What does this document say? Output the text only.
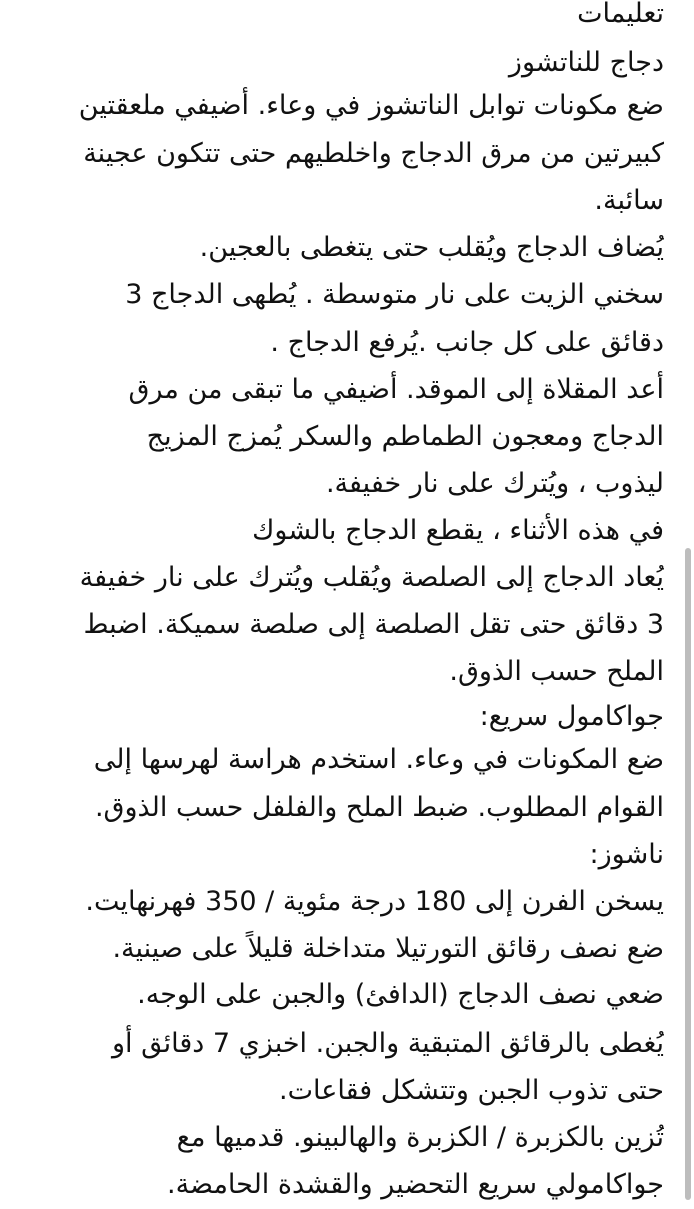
تعليمات
دجاج للناتشوز
ضع مكونات توابل الناتشوز في وعاء. أضيفي ملعقتين
كبيرتين من مرق الدجاج واخلطيهم حتى تتكون عجينة
سائبة.
يُضاف الدجاج ويُقلب حتى يتغطى بالعجين.
سخني الزيت على نار متوسطة . يُطهى الدجاج 3
دقائق على كل جانب .يُرفع الدجاج .
أعد المقلاة إلى الموقد. أضيفي ما تبقى من مرق
الدجاج ومعجون الطماطم والسكر يُمزج المزيج
ليذوب ، ويُترك على نار خفيفة.
في هذه الأثناء ، يقطع الدجاج بالشوك
يُعاد الدجاج إلى الصلصة ويُقلب ويُترك على نار خفيفة
3 دقائق حتى تقل الصلصة إلى صلصة سميكة. اضبط
الملح حسب الذوق.
جواكامول سريع:
ضع المكونات في وعاء. استخدم هراسة لهرسها إلى
القوام المطلوب. ضبط الملح والفلفل حسب الذوق.
ناشوز:
يسخن الفرن إلى 180 درجة مئوية / 350 فهرنهايت.
ضع نصف رقائق التورتيلا متداخلة قليلاً على صينية.
ضعي نصف الدجاج (الدافئ) والجبن على الوجه.
يُغطى بالرقائق المتبقية والجبن. اخبزي 7 دقائق أو
حتى تذوب الجبن وتتشكل فقاعات.
تُزين بالكزبرة / الكزبرة والهالبينو. قدميها مع
جواكامولي سريع التحضير والقشدة الحامضة.
